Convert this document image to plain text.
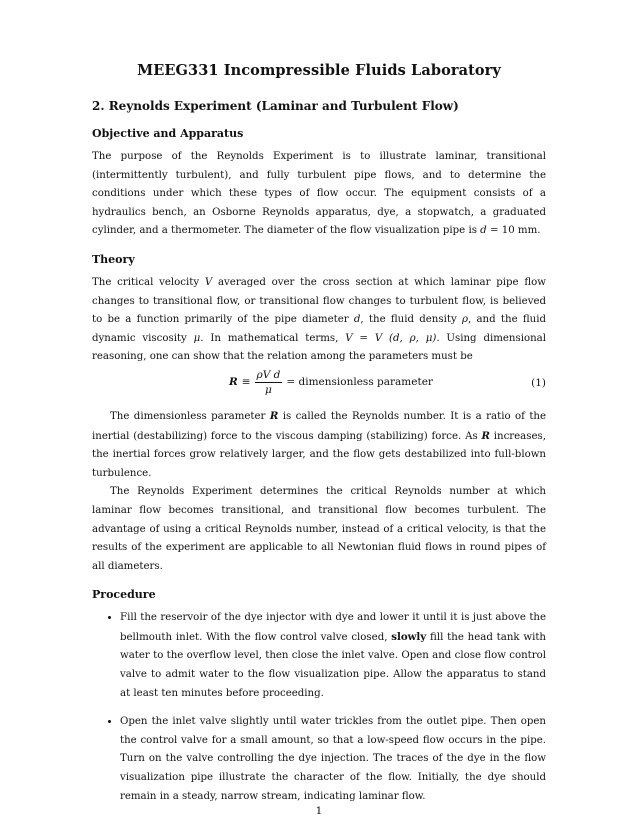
MEEG331 Incompressible Fluids Laboratory
2. Reynolds Experiment (Laminar and Turbulent Flow)
Objective and Apparatus

The purpose of the Reynolds Experiment is to illustrate laminar, transitional (intermittently turbulent), and fully turbulent pipe flows, and to determine the conditions under which these types of flow occur. The equipment consists of a hydraulics bench, an Osborne Reynolds apparatus, dye, a stopwatch, a graduated cylinder, and a thermometer. The diameter of the flow visualization pipe is d = 10 mm.

Theory

The critical velocity V averaged over the cross section at which laminar pipe flow changes to transitional flow, or transitional flow changes to turbulent flow, is believed to be a function primarily of the pipe diameter d, the fluid density ρ, and the fluid dynamic viscosity μ. In mathematical terms, V = V (d, ρ, μ). Using dimensional reasoning, one can show that the relation among the parameters must be

$R \equiv \frac{\text{ρV d}}{\mu}$ = dimensionless parameter	(1)

The dimensionless parameter R is called the Reynolds number. It is a ratio of the inertial (destabilizing) force to the viscous damping (stabilizing) force. As R increases, the inertial forces grow relatively larger, and the flow gets destabilized into full-blown turbulence.

The Reynolds Experiment determines the critical Reynolds number at which laminar flow becomes transitional, and transitional flow becomes turbulent. The advantage of using a critical Reynolds number, instead of a critical velocity, is that the results of the experiment are applicable to all Newtonian fluid flows in round pipes of all diameters.

Procedure
• Fill the reservoir of the dye injector with dye and lower it until it is just above the bellmouth inlet. With the flow control valve closed, slowly fill the head tank with water to the overflow level, then close the inlet valve. Open and close flow control valve to admit water to the flow visualization pipe. Allow the apparatus to stand at least ten minutes before proceeding.
• Open the inlet valve slightly until water trickles from the outlet pipe. Then open the control valve for a small amount, so that a low-speed flow occurs in the pipe. Turn on the valve controlling the dye injection. The traces of the dye in the flow visualization pipe illustrate the character of the flow. Initially, the dye should remain in a steady, narrow stream, indicating laminar flow.
1
